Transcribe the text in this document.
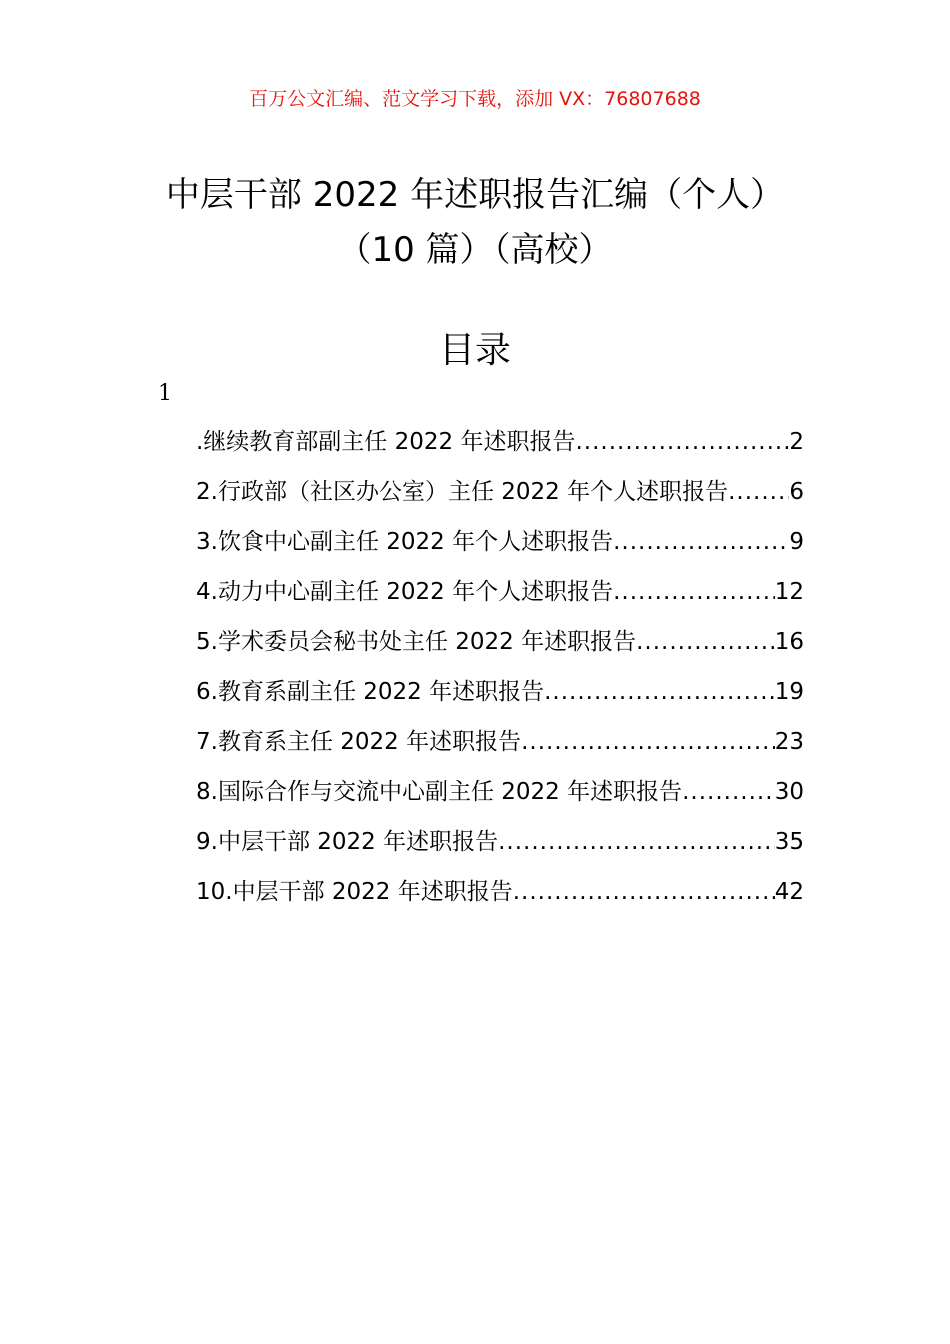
百万公文汇编、范文学习下载，添加 VX：76807688
中层干部 2022 年述职报告汇编（个人）
（10 篇）（高校）
目录
1
.继续教育部副主任 2022 年述职报告 .....	2
2.行政部（社区办公室）主任 2022 年个人述职报告 .....	6
3.饮食中心副主任 2022 年个人述职报告 .....	9
4.动力中心副主任 2022 年个人述职报告 .....	12
5.学术委员会秘书处主任 2022 年述职报告 .....	16
6.教育系副主任 2022 年述职报告 .....	19
7.教育系主任 2022 年述职报告 .....	23
8.国际合作与交流中心副主任 2022 年述职报告 .....	30
9.中层干部 2022 年述职报告 .....	35
10.中层干部 2022 年述职报告 .....	42
